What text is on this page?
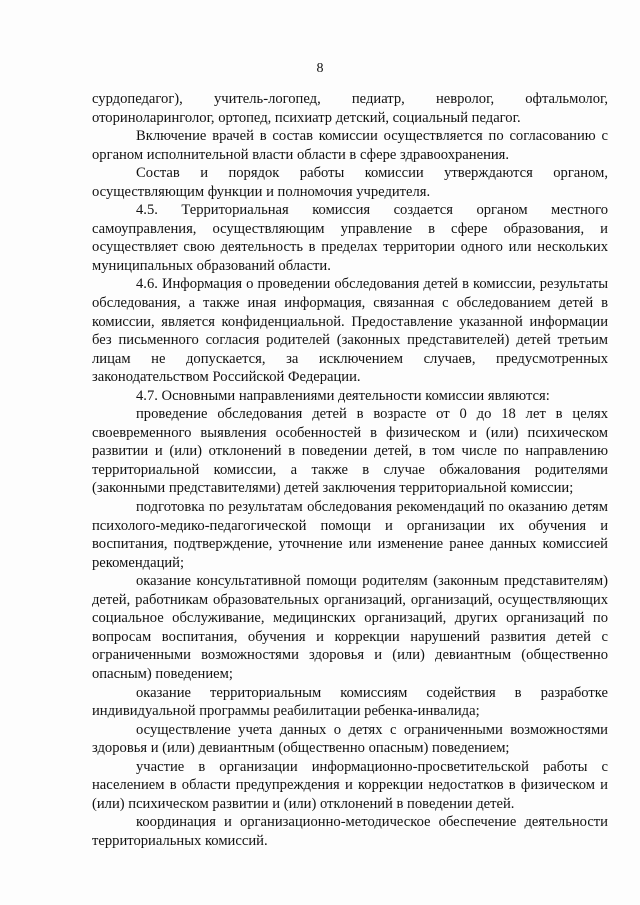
8

сурдопедагог), учитель-логопед, педиатр, невролог, офтальмолог, оториноларинголог, ортопед, психиатр детский, социальный педагог.

Включение врачей в состав комиссии осуществляется по согласованию с органом исполнительной власти области в сфере здравоохранения.

Состав и порядок работы комиссии утверждаются органом, осуществляющим функции и полномочия учредителя.

4.5. Территориальная комиссия создается органом местного самоуправления, осуществляющим управление в сфере образования, и осуществляет свою деятельность в пределах территории одного или нескольких муниципальных образований области.

4.6. Информация о проведении обследования детей в комиссии, результаты обследования, а также иная информация, связанная с обследованием детей в комиссии, является конфиденциальной. Предоставление указанной информации без письменного согласия родителей (законных представителей) детей третьим лицам не допускается, за исключением случаев, предусмотренных законодательством Российской Федерации.

4.7. Основными направлениями деятельности комиссии являются:

проведение обследования детей в возрасте от 0 до 18 лет в целях своевременного выявления особенностей в физическом и (или) психическом развитии и (или) отклонений в поведении детей, в том числе по направлению территориальной комиссии, а также в случае обжалования родителями (законными представителями) детей заключения территориальной комиссии;

подготовка по результатам обследования рекомендаций по оказанию детям психолого-медико-педагогической помощи и организации их обучения и воспитания, подтверждение, уточнение или изменение ранее данных комиссией рекомендаций;

оказание консультативной помощи родителям (законным представителям) детей, работникам образовательных организаций, организаций, осуществляющих социальное обслуживание, медицинских организаций, других организаций по вопросам воспитания, обучения и коррекции нарушений развития детей с ограниченными возможностями здоровья и (или) девиантным (общественно опасным) поведением;

оказание территориальным комиссиям содействия в разработке индивидуальной программы реабилитации ребенка-инвалида;

осуществление учета данных о детях с ограниченными возможностями здоровья и (или) девиантным (общественно опасным) поведением;

участие в организации информационно-просветительской работы с населением в области предупреждения и коррекции недостатков в физическом и (или) психическом развитии и (или) отклонений в поведении детей.

координация и организационно-методическое обеспечение деятельности территориальных комиссий.
